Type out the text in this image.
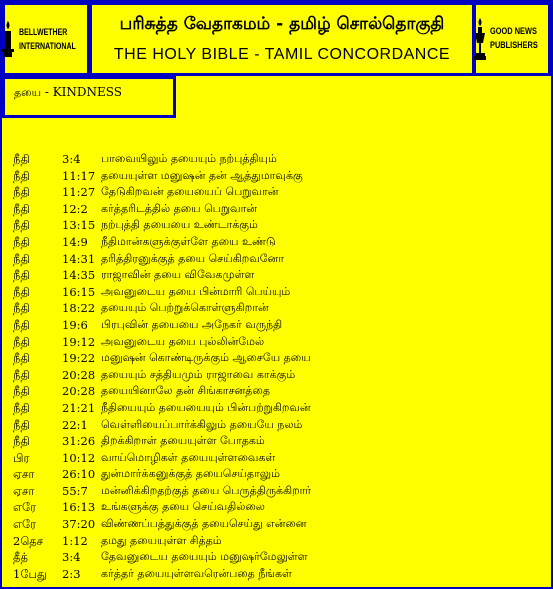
BELLWETHER
INTERNATIONAL
பரிசுத்த வேதாகமம் - தமிழ் சொல்தொகுதி
THE HOLY BIBLE - TAMIL CONCORDANCE
GOOD NEWS
PUBLISHERS
தயை - KINDNESS
நீதி	3:4 பாவையிலும் தயையும் நற்புத்தியும்
நீதி	11:17 தயையுள்ள மனுஷன் தன் ஆத்துமாவுக்கு
நீதி	11:27 தேடுகிறவன் தயையைப் பெறுவான்
நீதி	12:2 கர்த்தரிடத்தில் தயை பெறுவான்
நீதி	13:15 நற்புத்தி தயையை உண்டாக்கும்
நீதி	14:9 நீதிமான்களுக்குள்ளே தயை உண்டு
நீதி	14:31 தரித்திரனுக்குத் தயை செய்கிறவனோ
நீதி	14:35 ராஜாவின் தயை விவேகமுள்ள
நீதி	16:15 அவனுடைய தயை பின்மாரி பெய்யும்
நீதி	18:22 தயையும் பெற்றுக்கொள்ளுகிறான்
நீதி	19:6 பிரபுவின் தயையை அநேகர் வருந்தி
நீதி	19:12 அவனுடைய தயை புல்லின்மேல்
நீதி	19:22 மனுஷன் கொண்டிருக்கும் ஆசையே தயை
நீதி	20:28 தயையும் சத்தியமும் ராஜாவை காக்கும்
நீதி	20:28 தயையினாலே தன் சிங்காசனத்தை
நீதி	21:21 நீதியையும் தயையையும் பின்பற்றுகிறவன்
நீதி	22:1 வெள்ளியைப்பார்க்கிலும் தயையே நலம்
நீதி	31:26 திறக்கிறாள் தயையுள்ள போதகம்
பிர	10:12 வாய்மொழிகள் தயையுள்ளவைகள்
ஏசா 26:10 துன்மார்க்கனுக்குத் தயைசெய்தாலும்
ஏசா 55:7 மன்னிக்கிறதற்குத் தயை பெருத்திருக்கிறார்
எரே 16:13 உங்களுக்கு தயை செய்வதில்லை
எரே 37:20 விண்ணப்பத்துக்குத் தயைசெய்து என்னை
2தெச 1:12 தமது தயையுள்ள சித்தம்
தீத்	3:4 தேவனுடைய தயையும் மனுஷர்மேலுள்ள
1பேது 2:3 கர்த்தர் தயையுள்ளவரென்பதை நீங்கள்
